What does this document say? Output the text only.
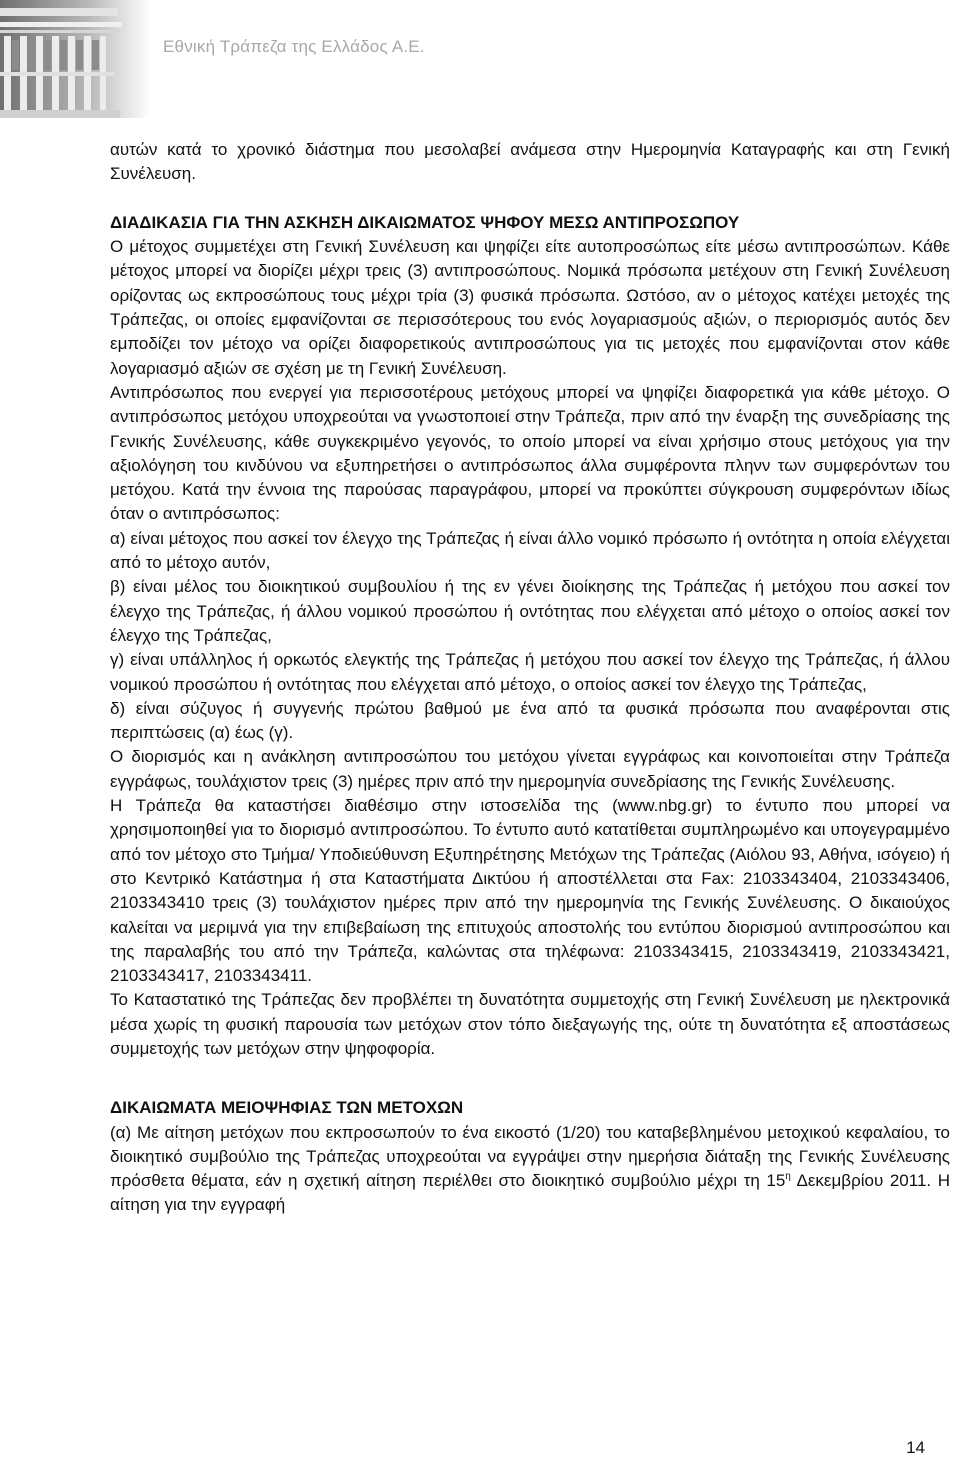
Εθνική Τράπεζα της Ελλάδος Α.Ε.

αυτών κατά το χρονικό διάστημα που μεσολαβεί ανάμεσα στην Ημερομηνία Καταγραφής και στη Γενική Συνέλευση.

ΔΙΑΔΙΚΑΣΙΑ ΓΙΑ ΤΗΝ ΑΣΚΗΣΗ ΔΙΚΑΙΩΜΑΤΟΣ ΨΗΦΟΥ ΜΕΣΩ ΑΝΤΙΠΡΟΣΩΠΟΥ

Ο μέτοχος συμμετέχει στη Γενική Συνέλευση και ψηφίζει είτε αυτοπροσώπως είτε μέσω αντιπροσώπων. Κάθε μέτοχος μπορεί να διορίζει μέχρι τρεις (3) αντιπροσώπους. Νομικά πρόσωπα μετέχουν στη Γενική Συνέλευση ορίζοντας ως εκπροσώπους τους μέχρι τρία (3) φυσικά πρόσωπα. Ωστόσο, αν ο μέτοχος κατέχει μετοχές της Τράπεζας, οι οποίες εμφανίζονται σε περισσότερους του ενός λογαριασμούς αξιών, ο περιορισμός αυτός δεν εμποδίζει τον μέτοχο να ορίζει διαφορετικούς αντιπροσώπους για τις μετοχές που εμφανίζονται στον κάθε λογαριασμό αξιών σε σχέση με τη Γενική Συνέλευση.

Αντιπρόσωπος που ενεργεί για περισσοτέρους μετόχους μπορεί να ψηφίζει διαφορετικά για κάθε μέτοχο. Ο αντιπρόσωπος μετόχου υποχρεούται να γνωστοποιεί στην Τράπεζα, πριν από την έναρξη της συνεδρίασης της Γενικής Συνέλευσης, κάθε συγκεκριμένο γεγονός, το οποίο μπορεί να είναι χρήσιμο στους μετόχους για την αξιολόγηση του κινδύνου να εξυπηρετήσει ο αντιπρόσωπος άλλα συμφέροντα πληνν των συμφερόντων του μετόχου. Κατά την έννοια της παρούσας παραγράφου, μπορεί να προκύπτει σύγκρουση συμφερόντων ιδίως όταν ο αντιπρόσωπος:

α) είναι μέτοχος που ασκεί τον έλεγχο της Τράπεζας ή είναι άλλο νομικό πρόσωπο ή οντότητα η οποία ελέγχεται από το μέτοχο αυτόν,

β) είναι μέλος του διοικητικού συμβουλίου ή της εν γένει διοίκησης της Τράπεζας ή μετόχου που ασκεί τον έλεγχο της Τράπεζας, ή άλλου νομικού προσώπου ή οντότητας που ελέγχεται από μέτοχο ο οποίος ασκεί τον έλεγχο της Τράπεζας,

γ) είναι υπάλληλος ή ορκωτός ελεγκτής της Τράπεζας ή μετόχου που ασκεί τον έλεγχο της Τράπεζας, ή άλλου νομικού προσώπου ή οντότητας που ελέγχεται από μέτοχο, ο οποίος ασκεί τον έλεγχο της Τράπεζας,

δ) είναι σύζυγος ή συγγενής πρώτου βαθμού με ένα από τα φυσικά πρόσωπα που αναφέρονται στις περιπτώσεις (α) έως (γ).

Ο διορισμός και η ανάκληση αντιπροσώπου του μετόχου γίνεται εγγράφως και κοινοποιείται στην Τράπεζα εγγράφως, τουλάχιστον τρεις (3) ημέρες πριν από την ημερομηνία συνεδρίασης της Γενικής Συνέλευσης.

Η Τράπεζα θα καταστήσει διαθέσιμο στην ιστοσελίδα της (www.nbg.gr) το έντυπο που μπορεί να χρησιμοποιηθεί για το διορισμό αντιπροσώπου. Το έντυπο αυτό κατατίθεται συμπληρωμένο και υπογεγραμμένο από τον μέτοχο στο Τμήμα/ Υποδιεύθυνση Εξυπηρέτησης Μετόχων της Τράπεζας (Αιόλου 93, Αθήνα, ισόγειο) ή στο Κεντρικό Κατάστημα ή στα Καταστήματα Δικτύου ή αποστέλλεται στα Fax: 2103343404, 2103343406, 2103343410 τρεις (3) τουλάχιστον ημέρες πριν από την ημερομηνία της Γενικής Συνέλευσης. Ο δικαιούχος καλείται να μεριμνά για την επιβεβαίωση της επιτυχούς αποστολής του εντύπου διορισμού αντιπροσώπου και της παραλαβής του από την Τράπεζα, καλώντας στα τηλέφωνα: 2103343415, 2103343419, 2103343421, 2103343417, 2103343411.

Το Καταστατικό της Τράπεζας δεν προβλέπει τη δυνατότητα συμμετοχής στη Γενική Συνέλευση με ηλεκτρονικά μέσα χωρίς τη φυσική παρουσία των μετόχων στον τόπο διεξαγωγής της, ούτε τη δυνατότητα εξ αποστάσεως συμμετοχής των μετόχων στην ψηφοφορία.

ΔΙΚΑΙΩΜΑΤΑ ΜΕΙΟΨΗΦΙΑΣ ΤΩΝ ΜΕΤΟΧΩΝ

(α) Με αίτηση μετόχων που εκπροσωπούν το ένα εικοστό (1/20) του καταβεβλημένου μετοχικού κεφαλαίου, το διοικητικό συμβούλιο της Τράπεζας υποχρεούται να εγγράψει στην ημερήσια διάταξη της Γενικής Συνέλευσης πρόσθετα θέματα, εάν η σχετική αίτηση περιέλθει στο διοικητικό συμβούλιο μέχρι τη $15^\eta$ Δεκεμβρίου 2011. Η αίτηση για την εγγραφή

14
